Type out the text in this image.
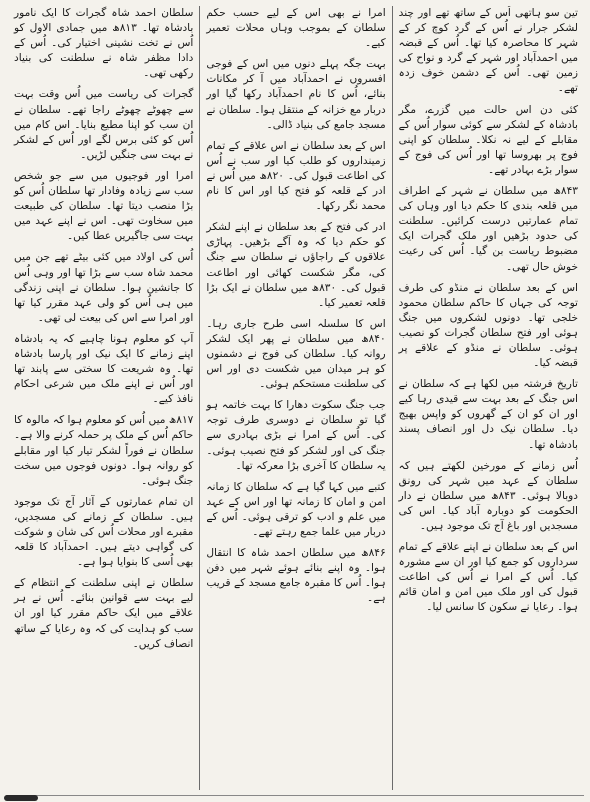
تین سو ہاتھی اُس کے ساتھ تھے اور چند لشکر جرار نے اُس کے گرد کوچ کر کے شہر کا محاصرہ کیا تھا۔ اُس کے قبضہ میں احمدآباد اور شہر کے گرد و نواح کی زمین تھی۔ اُس کے دشمن خوف زدہ تھے۔

کئی دن اس حالت میں گزرے، مگر بادشاہ کے لشکر سے کوئی سوار اُس کے مقابلے کے لیے نہ نکلا۔ سلطان کو اپنی فوج پر بھروسا تھا اور اُس کی فوج کے سوار بڑے بہادر تھے۔

۸۴۳ھ میں سلطان نے شہر کے اطراف میں قلعہ بندی کا حکم دیا اور وہاں کی تمام عمارتیں درست کرائیں۔ سلطنت کی حدود بڑھیں اور ملک گجرات ایک مضبوط ریاست بن گیا۔ اُس کی رعیت خوش حال تھی۔

اس کے بعد سلطان نے منڈو کی طرف توجہ کی جہاں کا حاکم سلطان محمود خلجی تھا۔ دونوں لشکروں میں جنگ ہوئی اور فتح سلطان گجرات کو نصیب ہوئی۔ سلطان نے منڈو کے علاقے پر قبضہ کیا۔

تاریخ فرشتہ میں لکھا ہے کہ سلطان نے اس جنگ کے بعد بہت سے قیدی رہا کیے اور ان کو ان کے گھروں کو واپس بھیج دیا۔ سلطان نیک دل اور انصاف پسند بادشاہ تھا۔

اُس زمانے کے مورخین لکھتے ہیں کہ سلطان کے عہد میں شہر کی رونق دوبالا ہوئی۔ ۸۴۳ھ میں سلطان نے دار الحکومت کو دوبارہ آباد کیا۔ اس کی مسجدیں اور باغ آج تک موجود ہیں۔

اس کے بعد سلطان نے اپنے علاقے کے تمام سرداروں کو جمع کیا اور ان سے مشورہ کیا۔ اُس کے امرا نے اُس کی اطاعت قبول کی اور ملک میں امن و امان قائم ہوا۔ رعایا نے سکون کا سانس لیا۔

امرا نے بھی اس کے لیے حسب حکم سلطان کے بموجب وہاں محلات تعمیر کیے۔

بہت جگہ پہلے دنوں میں اس کے فوجی افسروں نے احمدآباد میں آ کر مکانات بنائے، اُس کا نام احمدآباد رکھا گیا اور دربار مع خزانہ کے منتقل ہوا۔ سلطان نے مسجد جامع کی بنیاد ڈالی۔

اس کے بعد سلطان نے اس علاقے کے تمام زمینداروں کو طلب کیا اور سب نے اُس کی اطاعت قبول کی۔ ۸۲۰ھ میں اُس نے ادر کے قلعہ کو فتح کیا اور اس کا نام محمد نگر رکھا۔

ادر کی فتح کے بعد سلطان نے اپنے لشکر کو حکم دیا کہ وہ آگے بڑھیں۔ پہاڑی علاقوں کے راجاؤں نے سلطان سے جنگ کی، مگر شکست کھائی اور اطاعت قبول کی۔ ۸۳۰ھ میں سلطان نے ایک بڑا قلعہ تعمیر کیا۔

اس کا سلسلہ اسی طرح جاری رہا۔ ۸۴۰ھ میں سلطان نے پھر ایک لشکر روانہ کیا۔ سلطان کی فوج نے دشمنوں کو ہر میدان میں شکست دی اور اس کی سلطنت مستحکم ہوئی۔

جب جنگ سکوت دھارا کا بہت خاتمہ ہو گیا تو سلطان نے دوسری طرف توجہ کی۔ اُس کے امرا نے بڑی بہادری سے جنگ کی اور لشکر کو فتح نصیب ہوئی۔ یہ سلطان کا آخری بڑا معرکہ تھا۔

کتبے میں کہا گیا ہے کہ سلطان کا زمانہ امن و امان کا زمانہ تھا اور اس کے عہد میں علم و ادب کو ترقی ہوئی۔ اُس کے دربار میں علما جمع رہتے تھے۔

۸۴۶ھ میں سلطان احمد شاہ کا انتقال ہوا۔ وہ اپنے بنائے ہوئے شہر میں دفن ہوا۔ اُس کا مقبرہ جامع مسجد کے قریب ہے۔

سلطان احمد شاہ گجرات کا ایک نامور بادشاہ تھا۔ ۸۱۳ھ میں جمادی الاول کو اُس نے تخت نشینی اختیار کی۔ اُس کے دادا مظفر شاہ نے سلطنت کی بنیاد رکھی تھی۔

گجرات کی ریاست میں اُس وقت بہت سے چھوٹے چھوٹے راجا تھے۔ سلطان نے ان سب کو اپنا مطیع بنایا۔ اس کام میں اُس کو کئی برس لگے اور اُس کے لشکر نے بہت سی جنگیں لڑیں۔

امرا اور فوجیوں میں سے جو شخص سب سے زیادہ وفادار تھا سلطان اُس کو بڑا منصب دیتا تھا۔ سلطان کی طبیعت میں سخاوت تھی۔ اس نے اپنے عہد میں بہت سی جاگیریں عطا کیں۔

اُس کی اولاد میں کئی بیٹے تھے جن میں محمد شاہ سب سے بڑا تھا اور وہی اُس کا جانشین ہوا۔ سلطان نے اپنی زندگی میں ہی اُس کو ولی عہد مقرر کیا تھا اور امرا سے اس کی بیعت لی تھی۔

آپ کو معلوم ہونا چاہیے کہ یہ بادشاہ اپنے زمانے کا ایک نیک اور پارسا بادشاہ تھا۔ وہ شریعت کا سختی سے پابند تھا اور اُس نے اپنے ملک میں شرعی احکام نافذ کیے۔

۸۱۷ھ میں اُس کو معلوم ہوا کہ مالوہ کا حاکم اُس کے ملک پر حملہ کرنے والا ہے۔ سلطان نے فوراً لشکر تیار کیا اور مقابلے کو روانہ ہوا۔ دونوں فوجوں میں سخت جنگ ہوئی۔

ان تمام عمارتوں کے آثار آج تک موجود ہیں۔ سلطان کے زمانے کی مسجدیں، مقبرے اور محلات اُس کی شان و شوکت کی گواہی دیتے ہیں۔ احمدآباد کا قلعہ بھی اُسی کا بنوایا ہوا ہے۔

سلطان نے اپنی سلطنت کے انتظام کے لیے بہت سے قوانین بنائے۔ اُس نے ہر علاقے میں ایک حاکم مقرر کیا اور ان سب کو ہدایت کی کہ وہ رعایا کے ساتھ انصاف کریں۔
